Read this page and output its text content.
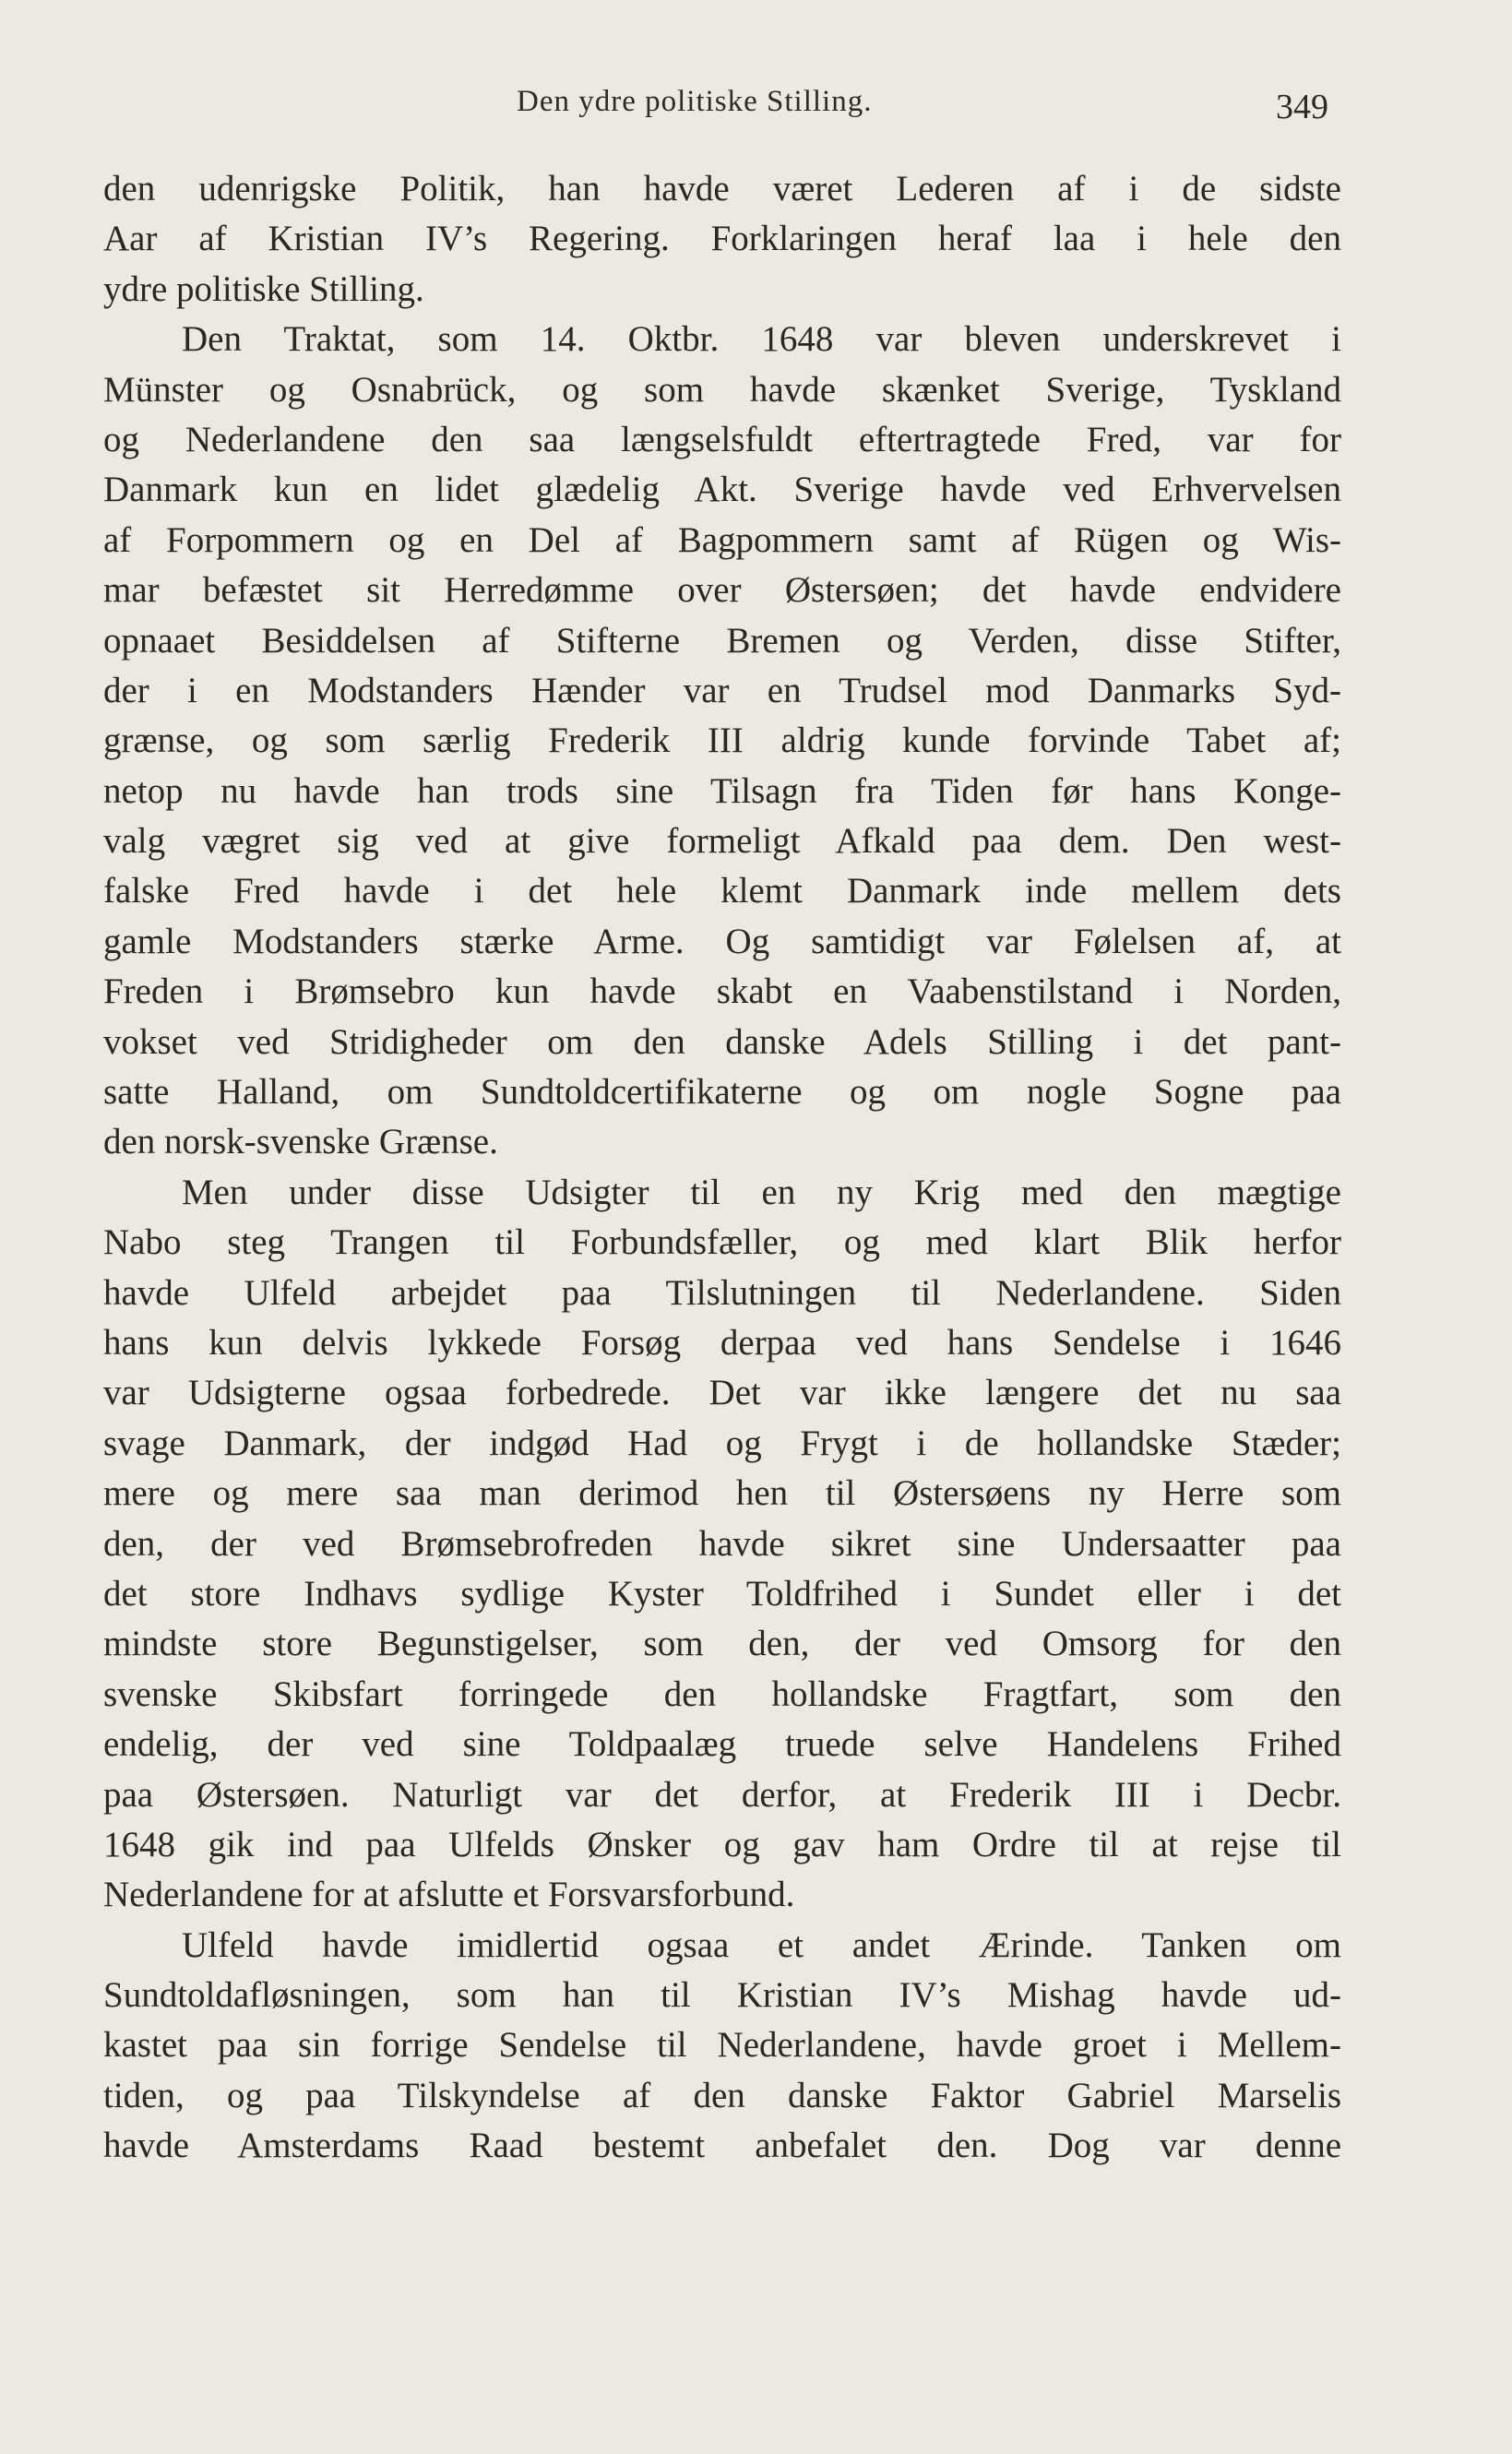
Den ydre politiske Stilling.	349
den udenrigske Politik, han havde været Lederen af i de sidste
Aar af Kristian IV’s Regering. Forklaringen heraf laa i hele den
ydre politiske Stilling.
Den Traktat, som 14. Oktbr. 1648 var bleven underskrevet i
Münster og Osnabrück, og som havde skænket Sverige, Tyskland
og Nederlandene den saa længselsfuldt eftertragtede Fred, var for
Danmark kun en lidet glædelig Akt. Sverige havde ved Erhvervelsen
af Forpommern og en Del af Bagpommern samt af Rügen og Wis-
mar befæstet sit Herredømme over Østersøen; det havde endvidere
opnaaet Besiddelsen af Stifterne Bremen og Verden, disse Stifter,
der i en Modstanders Hænder var en Trudsel mod Danmarks Syd-
grænse, og som særlig Frederik III aldrig kunde forvinde Tabet af;
netop nu havde han trods sine Tilsagn fra Tiden før hans Konge-
valg vægret sig ved at give formeligt Afkald paa dem. Den west-
falske Fred havde i det hele klemt Danmark inde mellem dets
gamle Modstanders stærke Arme. Og samtidigt var Følelsen af, at
Freden i Brømsebro kun havde skabt en Vaabenstilstand i Norden,
vokset ved Stridigheder om den danske Adels Stilling i det pant-
satte Halland, om Sundtoldcertifikaterne og om nogle Sogne paa
den norsk-svenske Grænse.
Men under disse Udsigter til en ny Krig med den mægtige
Nabo steg Trangen til Forbundsfæller, og med klart Blik herfor
havde Ulfeld arbejdet paa Tilslutningen til Nederlandene. Siden
hans kun delvis lykkede Forsøg derpaa ved hans Sendelse i 1646
var Udsigterne ogsaa forbedrede. Det var ikke længere det nu saa
svage Danmark, der indgød Had og Frygt i de hollandske Stæder;
mere og mere saa man derimod hen til Østersøens ny Herre som
den, der ved Brømsebrofreden havde sikret sine Undersaatter paa
det store Indhavs sydlige Kyster Toldfrihed i Sundet eller i det
mindste store Begunstigelser, som den, der ved Omsorg for den
svenske Skibsfart forringede den hollandske Fragtfart, som den
endelig, der ved sine Toldpaalæg truede selve Handelens Frihed
paa Østersøen. Naturligt var det derfor, at Frederik III i Decbr.
1648 gik ind paa Ulfelds Ønsker og gav ham Ordre til at rejse til
Nederlandene for at afslutte et Forsvarsforbund.
Ulfeld havde imidlertid ogsaa et andet Ærinde. Tanken om
Sundtoldafløsningen, som han til Kristian IV’s Mishag havde ud-
kastet paa sin forrige Sendelse til Nederlandene, havde groet i Mellem-
tiden, og paa Tilskyndelse af den danske Faktor Gabriel Marselis
havde Amsterdams Raad bestemt anbefalet den. Dog var denne
